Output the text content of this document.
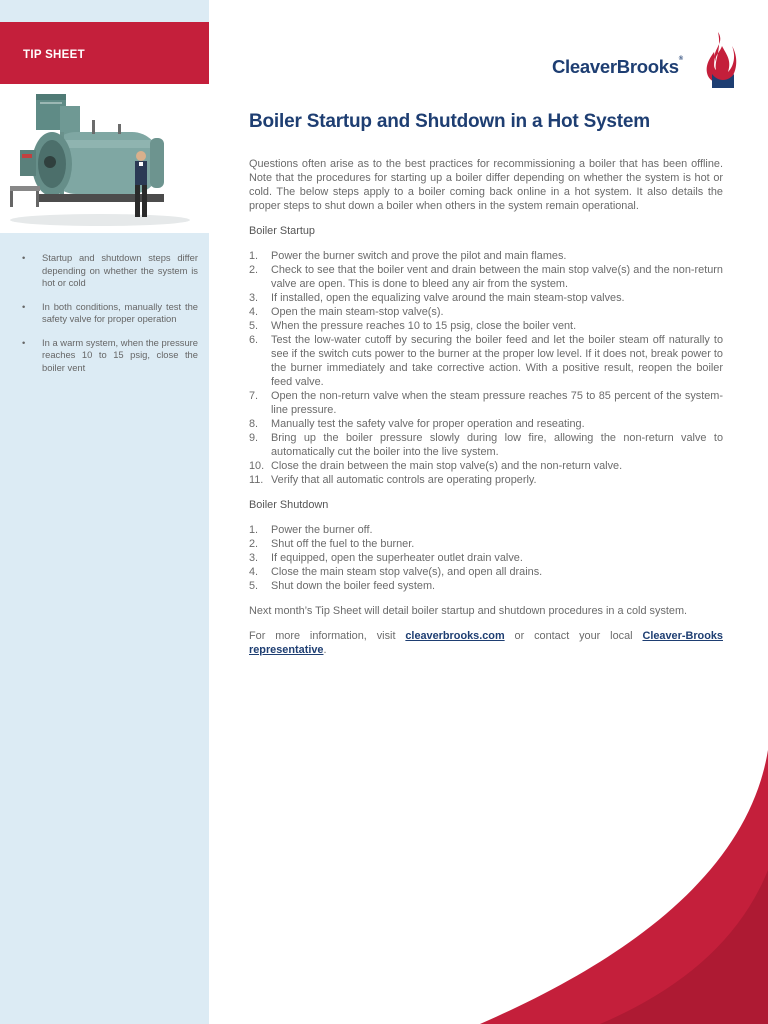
TIP SHEET
• Startup and shutdown steps differ depending on whether the system is hot or cold
• In both conditions, manually test the safety valve for proper operation
• In a warm system, when the pressure reaches 10 to 15 psig, close the boiler vent
CleaverBrooks®
Boiler Startup and Shutdown in a Hot System

Questions often arise as to the best practices for recommissioning a boiler that has been offline. Note that the procedures for starting up a boiler differ depending on whether the system is hot or cold. The below steps apply to a boiler coming back online in a hot system. It also details the proper steps to shut down a boiler when others in the system remain operational.

Boiler Startup
1. Power the burner switch and prove the pilot and main flames.
2. Check to see that the boiler vent and drain between the main stop valve(s) and the non-return valve are open. This is done to bleed any air from the system.
3. If installed, open the equalizing valve around the main steam-stop valves.
4. Open the main steam-stop valve(s).
5. When the pressure reaches 10 to 15 psig, close the boiler vent.
6. Test the low-water cutoff by securing the boiler feed and let the boiler steam off naturally to see if the switch cuts power to the burner at the proper low level. If it does not, break power to the burner immediately and take corrective action. With a positive result, reopen the boiler feed valve.
7. Open the non-return valve when the steam pressure reaches 75 to 85 percent of the system-line pressure.
8. Manually test the safety valve for proper operation and reseating.
9. Bring up the boiler pressure slowly during low fire, allowing the non-return valve to automatically cut the boiler into the live system.
10. Close the drain between the main stop valve(s) and the non-return valve.
11. Verify that all automatic controls are operating properly.
Boiler Shutdown
1. Power the burner off.
2. Shut off the fuel to the burner.
3. If equipped, open the superheater outlet drain valve.
4. Close the main steam stop valve(s), and open all drains.
5. Shut down the boiler feed system.

Next month’s Tip Sheet will detail boiler startup and shutdown procedures in a cold system.

For more information, visit cleaverbrooks.com or contact your local Cleaver-Brooks representative.
